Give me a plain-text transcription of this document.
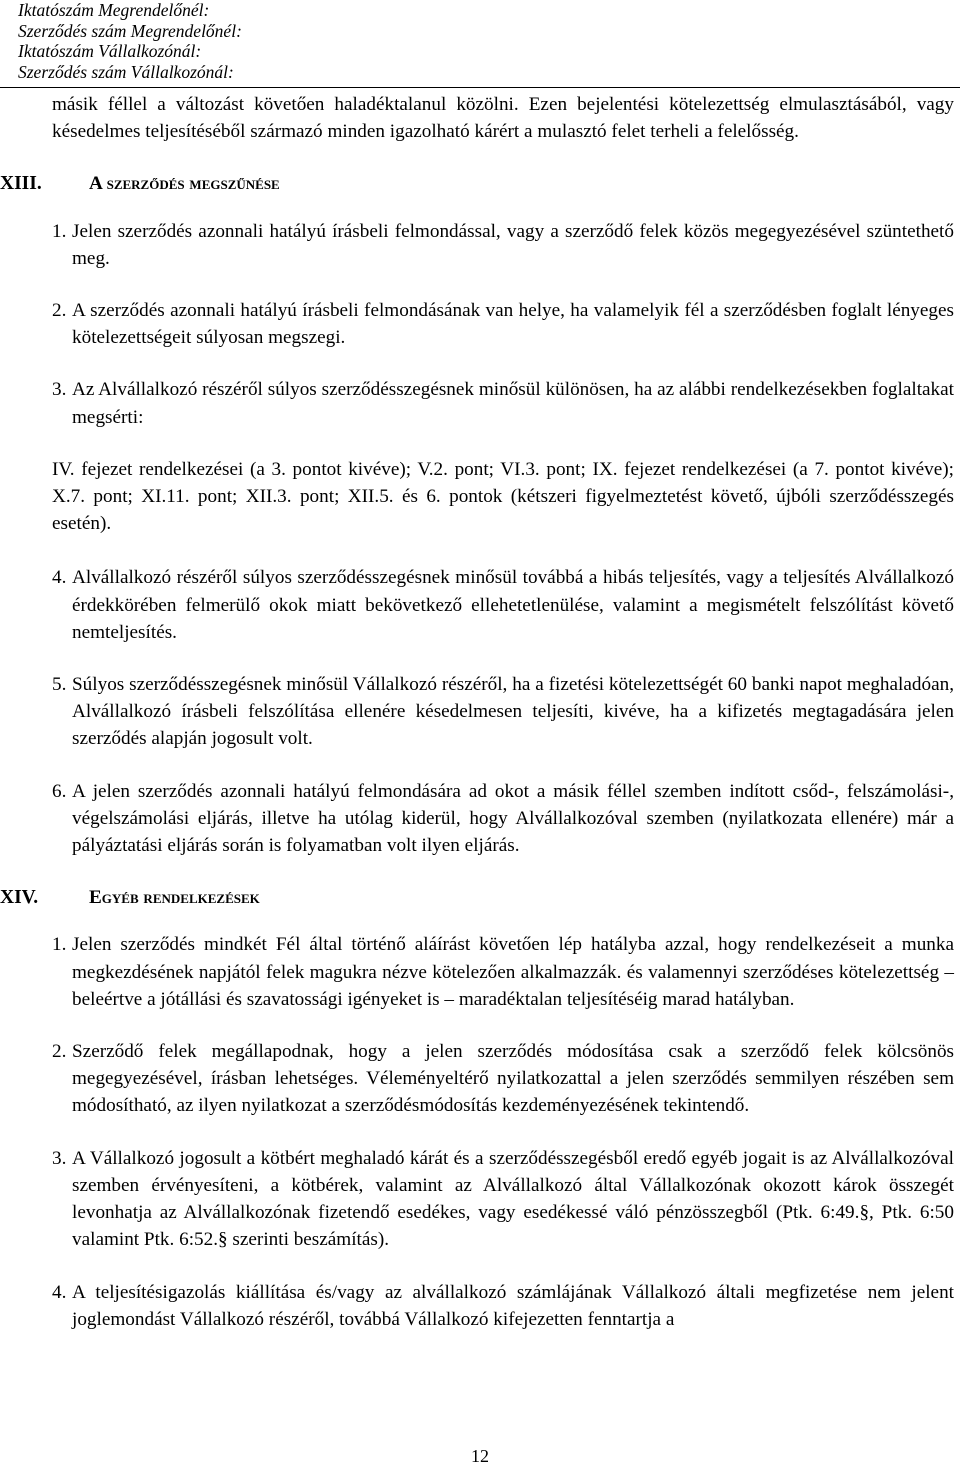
Iktatószám Megrendelőnél:
Szerződés szám Megrendelőnél:
Iktatószám Vállalkozónál:
Szerződés szám Vállalkozónál:

másik féllel a változást követően haladéktalanul közölni. Ezen bejelentési kötelezettség elmulasztásából, vagy késedelmes teljesítéséből származó minden igazolható kárért a mulasztó felet terheli a felelősség.

XIII. A szerződés megszűnése
1. Jelen szerződés azonnali hatályú írásbeli felmondással, vagy a szerződő felek közös megegyezésével szüntethető meg.

2. A szerződés azonnali hatályú írásbeli felmondásának van helye, ha valamelyik fél a szerződésben foglalt lényeges kötelezettségeit súlyosan megszegi.

3. Az Alvállalkozó részéről súlyos szerződésszegésnek minősül különösen, ha az alábbi rendelkezésekben foglaltakat megsérti:

IV. fejezet rendelkezései (a 3. pontot kivéve); V.2. pont; VI.3. pont; IX. fejezet rendelkezései (a 7. pontot kivéve); X.7. pont; XI.11. pont; XII.3. pont; XII.5. és 6. pontok (kétszeri figyelmeztetést követő, újbóli szerződésszegés esetén).

4. Alvállalkozó részéről súlyos szerződésszegésnek minősül továbbá a hibás teljesítés, vagy a teljesítés Alvállalkozó érdekkörében felmerülő okok miatt bekövetkező ellehetetlenülése, valamint a megismételt felszólítást követő nemteljesítés.

5. Súlyos szerződésszegésnek minősül Vállalkozó részéről, ha a fizetési kötelezettségét 60 banki napot meghaladóan, Alvállalkozó írásbeli felszólítása ellenére késedelmesen teljesíti, kivéve, ha a kifizetés megtagadására jelen szerződés alapján jogosult volt.

6. A jelen szerződés azonnali hatályú felmondására ad okot a másik féllel szemben indított csőd-, felszámolási-, végelszámolási eljárás, illetve ha utólag kiderül, hogy Alvállalkozóval szemben (nyilatkozata ellenére) már a pályáztatási eljárás során is folyamatban volt ilyen eljárás.

XIV.	Egyéb rendelkezések
1. Jelen szerződés mindkét Fél által történő aláírást követően lép hatályba azzal, hogy rendelkezéseit a munka megkezdésének napjától felek magukra nézve kötelezően alkalmazzák. és valamennyi szerződéses kötelezettség – beleértve a jótállási és szavatossági igényeket is – maradéktalan teljesítéséig marad hatályban.

2. Szerződő felek megállapodnak, hogy a jelen szerződés módosítása csak a szerződő felek kölcsönös megegyezésével, írásban lehetséges. Véleményeltérő nyilatkozattal a jelen szerződés semmilyen részében sem módosítható, az ilyen nyilatkozat a szerződésmódosítás kezdeményezésének tekintendő.

3. A Vállalkozó jogosult a kötbért meghaladó kárát és a szerződésszegésből eredő egyéb jogait is az Alvállalkozóval szemben érvényesíteni, a kötbérek, valamint az Alvállalkozó által Vállalkozónak okozott károk összegét levonhatja az Alvállalkozónak fizetendő esedékes, vagy esedékessé váló pénzösszegből (Ptk. 6:49.§, Ptk. 6:50 valamint Ptk. 6:52.§ szerinti beszámítás).

4. A teljesítésigazolás kiállítása és/vagy az alvállalkozó számlájának Vállalkozó általi megfizetése nem jelent joglemondást Vállalkozó részéről, továbbá Vállalkozó kifejezetten fenntartja a

12
